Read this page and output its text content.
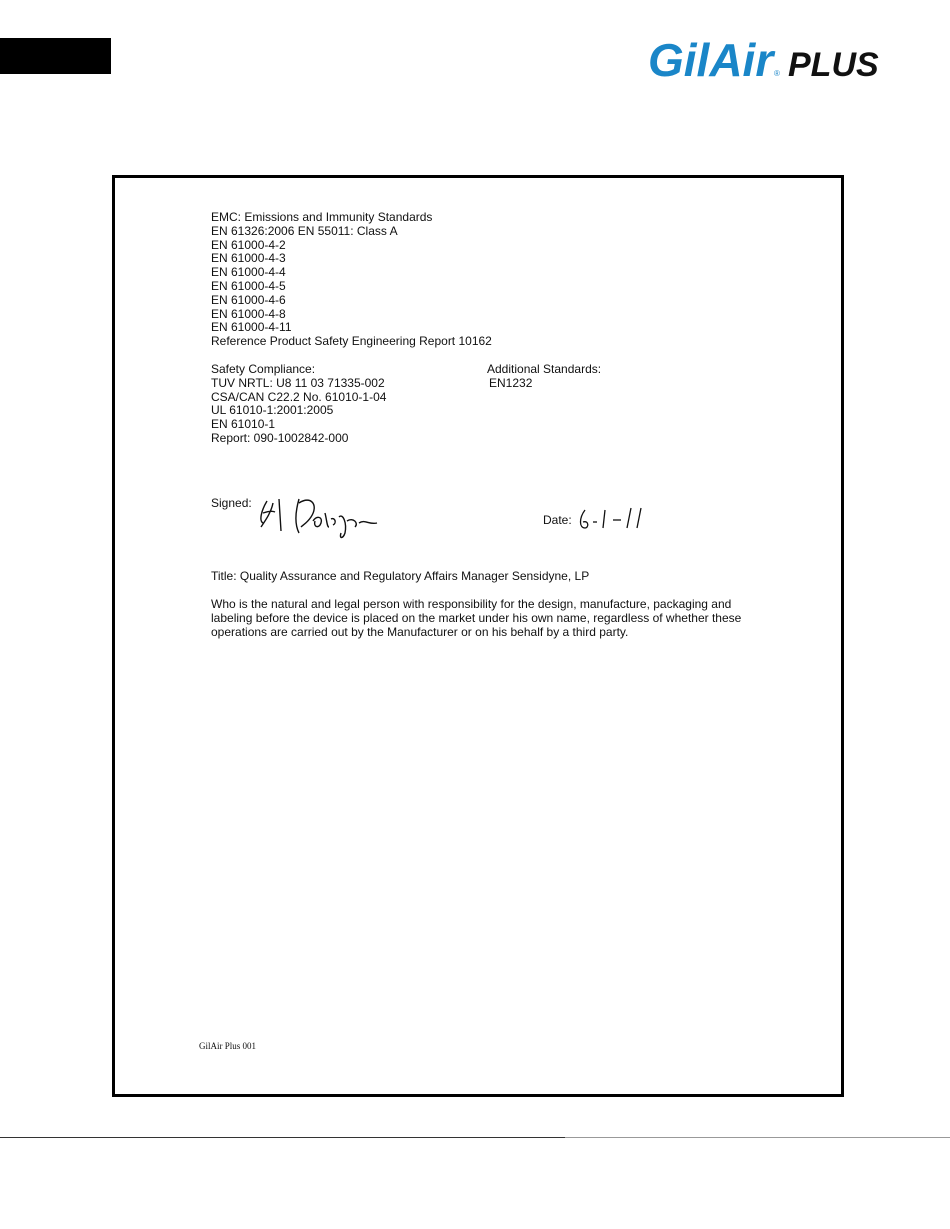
GilAir ® PLUS
EMC: Emissions and Immunity Standards
EN 61326:2006 EN 55011: Class A
EN 61000-4-2
EN 61000-4-3
EN 61000-4-4
EN 61000-4-5
EN 61000-4-6
EN 61000-4-8
EN 61000-4-11
Reference Product Safety Engineering Report 10162
Safety Compliance:
TUV NRTL: U8 11 03 71335-002
CSA/CAN C22.2 No. 61010-1-04
UL 61010-1:2001:2005
EN 61010-1
Report: 090-1002842-000
Additional Standards:
EN1232
Signed:
Date:
Title: Quality Assurance and Regulatory Affairs Manager Sensidyne, LP
Who is the natural and legal person with responsibility for the design, manufacture, packaging and labeling before the device is placed on the market under his own name, regardless of whether these operations are carried out by the Manufacturer or on his behalf by a third party.
GilAir Plus 001
